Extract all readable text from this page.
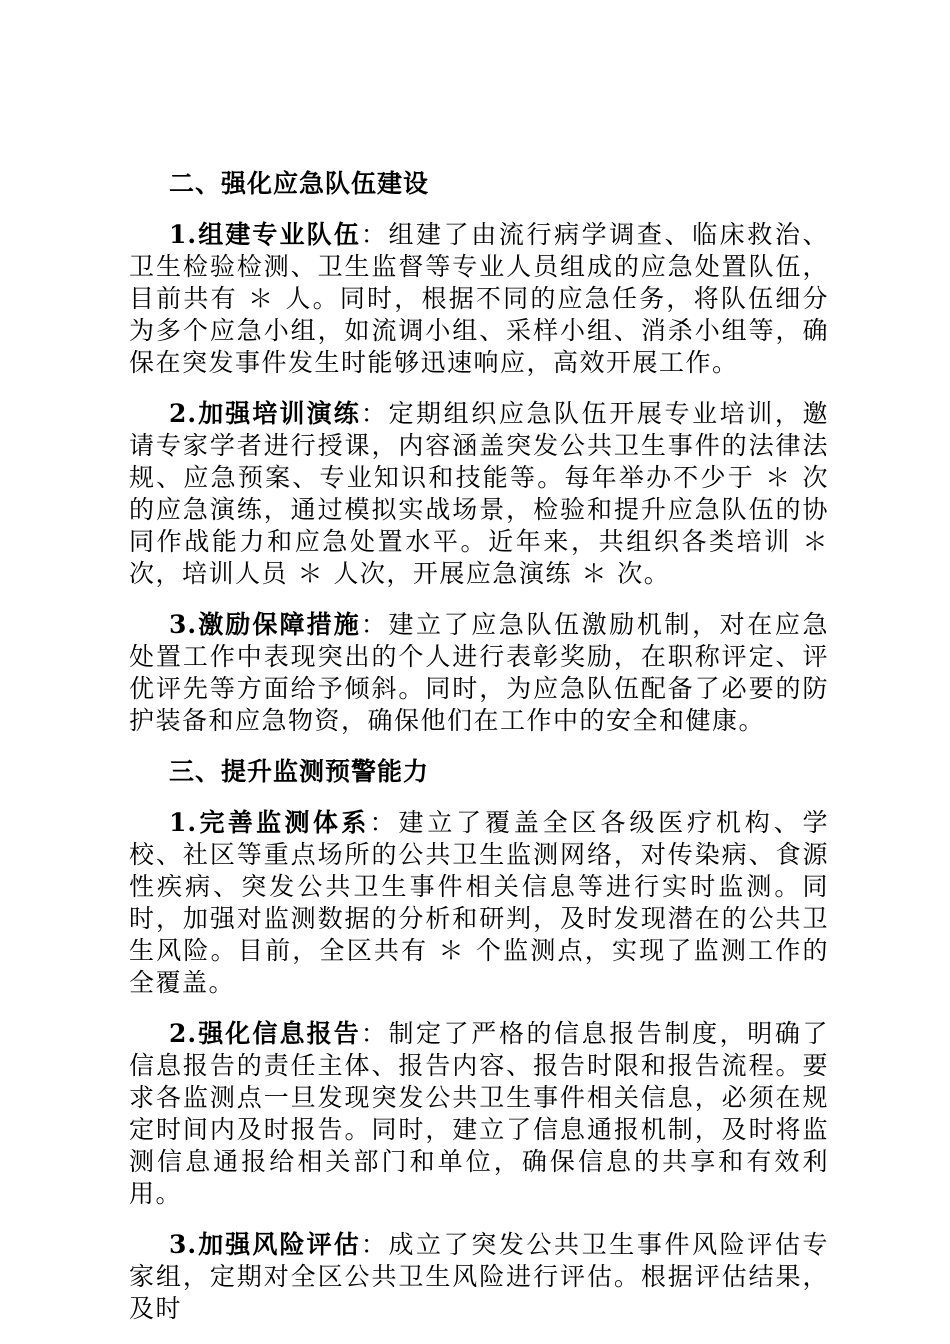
二、强化应急队伍建设

1.组建专业队伍：组建了由流行病学调查、临床救治、卫生检验检测、卫生监督等专业人员组成的应急处置队伍，目前共有 ＊ 人。同时，根据不同的应急任务，将队伍细分为多个应急小组，如流调小组、采样小组、消杀小组等，确保在突发事件发生时能够迅速响应，高效开展工作。

2.加强培训演练：定期组织应急队伍开展专业培训，邀请专家学者进行授课，内容涵盖突发公共卫生事件的法律法规、应急预案、专业知识和技能等。每年举办不少于 ＊ 次的应急演练，通过模拟实战场景，检验和提升应急队伍的协同作战能力和应急处置水平。近年来，共组织各类培训 ＊ 次，培训人员 ＊ 人次，开展应急演练 ＊ 次。

3.激励保障措施：建立了应急队伍激励机制，对在应急处置工作中表现突出的个人进行表彰奖励，在职称评定、评优评先等方面给予倾斜。同时，为应急队伍配备了必要的防护装备和应急物资，确保他们在工作中的安全和健康。

三、提升监测预警能力

1.完善监测体系：建立了覆盖全区各级医疗机构、学校、社区等重点场所的公共卫生监测网络，对传染病、食源性疾病、突发公共卫生事件相关信息等进行实时监测。同时，加强对监测数据的分析和研判，及时发现潜在的公共卫生风险。目前，全区共有 ＊ 个监测点，实现了监测工作的全覆盖。

2.强化信息报告：制定了严格的信息报告制度，明确了信息报告的责任主体、报告内容、报告时限和报告流程。要求各监测点一旦发现突发公共卫生事件相关信息，必须在规定时间内及时报告。同时，建立了信息通报机制，及时将监测信息通报给相关部门和单位，确保信息的共享和有效利用。

3.加强风险评估：成立了突发公共卫生事件风险评估专家组，定期对全区公共卫生风险进行评估。根据评估结果，及时
